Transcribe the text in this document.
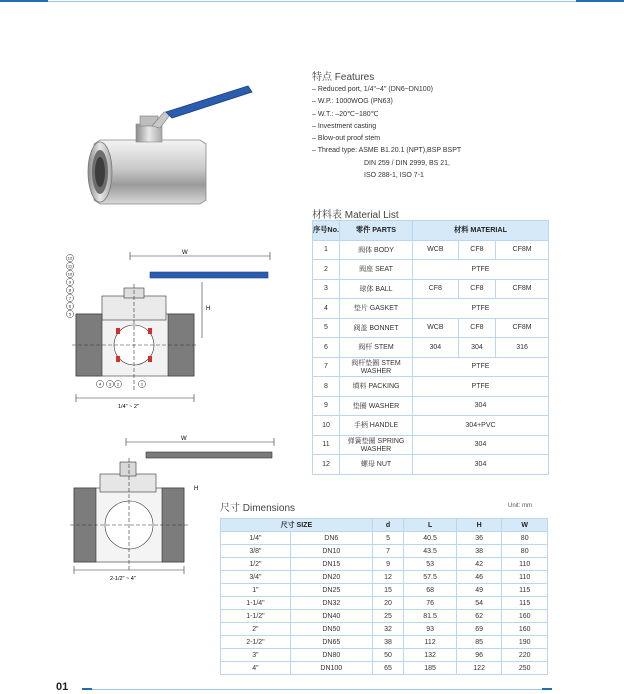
W
H
1/4" ~ 2"
12
11
10
9
8
7
6
5
4 3 2	1
W
H
2-1/2" ~ 4"
特点 Features
– Reduced port, 1/4"~4" (DN6~DN100)
– W.P.: 1000WOG (PN63)
– W.T.: –20℃~180℃
– Investment casting
– Blow-out proof stem
– Thread type: ASME B1.20.1 (NPT),BSP BSPT
DIN 259 / DIN 2999, BS 21,
ISO 288-1, ISO 7-1
材料表 Material List
序号No.	零件 PARTS	材料 MATERIAL		
1	阀体 BODY	WCB	CF8	CF8M
2	阀座 SEAT	PTFE		
3	球体 BALL	CF8	CF8	CF8M
4	垫片 GASKET	PTFE		
5	阀盖 BONNET	WCB	CF8	CF8M
6	阀杆 STEM	304	304	316
7	阀杆垫圈 STEM WASHER	PTFE		
8	填料 PACKING	PTFE		
9	垫圈 WASHER	304		
10	手柄 HANDLE	304+PVC		
11	弹簧垫圈 SPRING WASHER	304		
12	螺母 NUT	304		
尺寸 Dimensions	Unit: mm
尺寸 SIZE		d	L	H	W
1/4"	DN6	5	40.5	36	80
3/8"	DN10	7	43.5	38	80
1/2"	DN15	9	53	42	110
3/4"	DN20	12	57.5	46	110
1"	DN25	15	68	49	115
1-1/4"	DN32	20	76	54	115
1-1/2"	DN40	25	81.5	62	160
2"	DN50	32	93	69	160
2-1/2"	DN65	38	112	85	190
3"	DN80	50	132	96	220
4"	DN100	65	185	122	250
01
